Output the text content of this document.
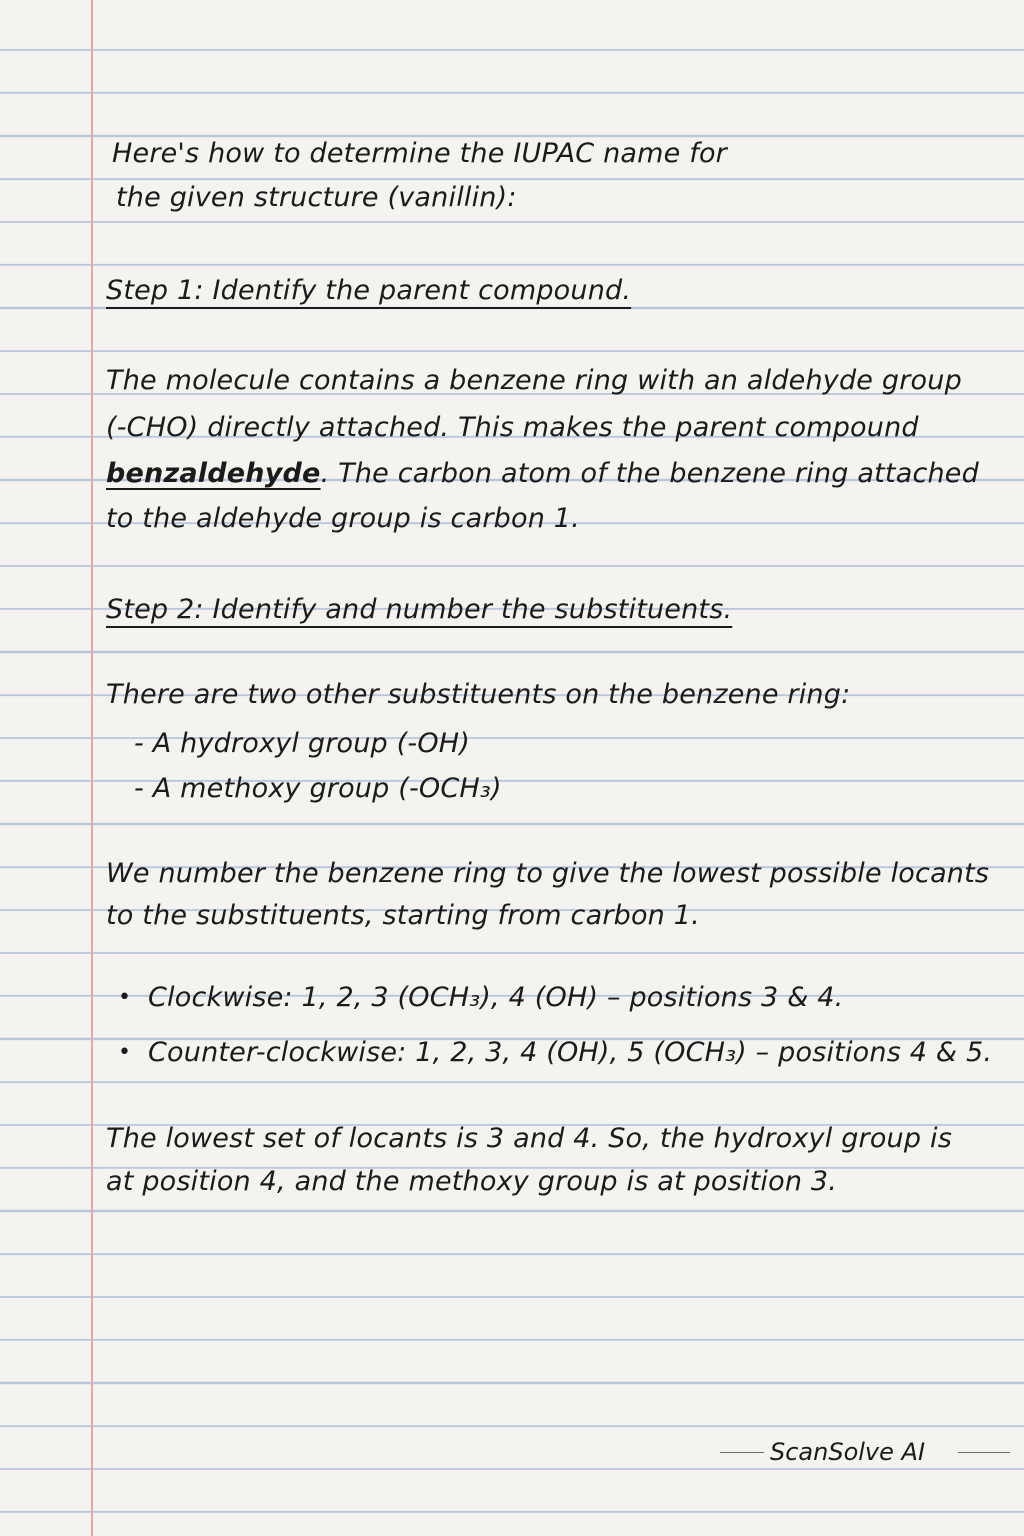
Here's how to determine the IUPAC name for
the given structure (vanillin):
Step 1: Identify the parent compound.
The molecule contains a benzene ring with an aldehyde group
(-CHO) directly attached. This makes the parent compound
benzaldehyde. The carbon atom of the benzene ring attached
to the aldehyde group is carbon 1.
Step 2: Identify and number the substituents.
There are two other substituents on the benzene ring:
- A hydroxyl group (-OH)
- A methoxy group (-OCH₃)
We number the benzene ring to give the lowest possible locants
to the substituents, starting from carbon 1.
• Clockwise: 1, 2, 3 (OCH₃), 4 (OH) – positions 3 & 4.
• Counter-clockwise: 1, 2, 3, 4 (OH), 5 (OCH₃) – positions 4 & 5.
The lowest set of locants is 3 and 4. So, the hydroxyl group is
at position 4, and the methoxy group is at position 3.
ScanSolve AI
